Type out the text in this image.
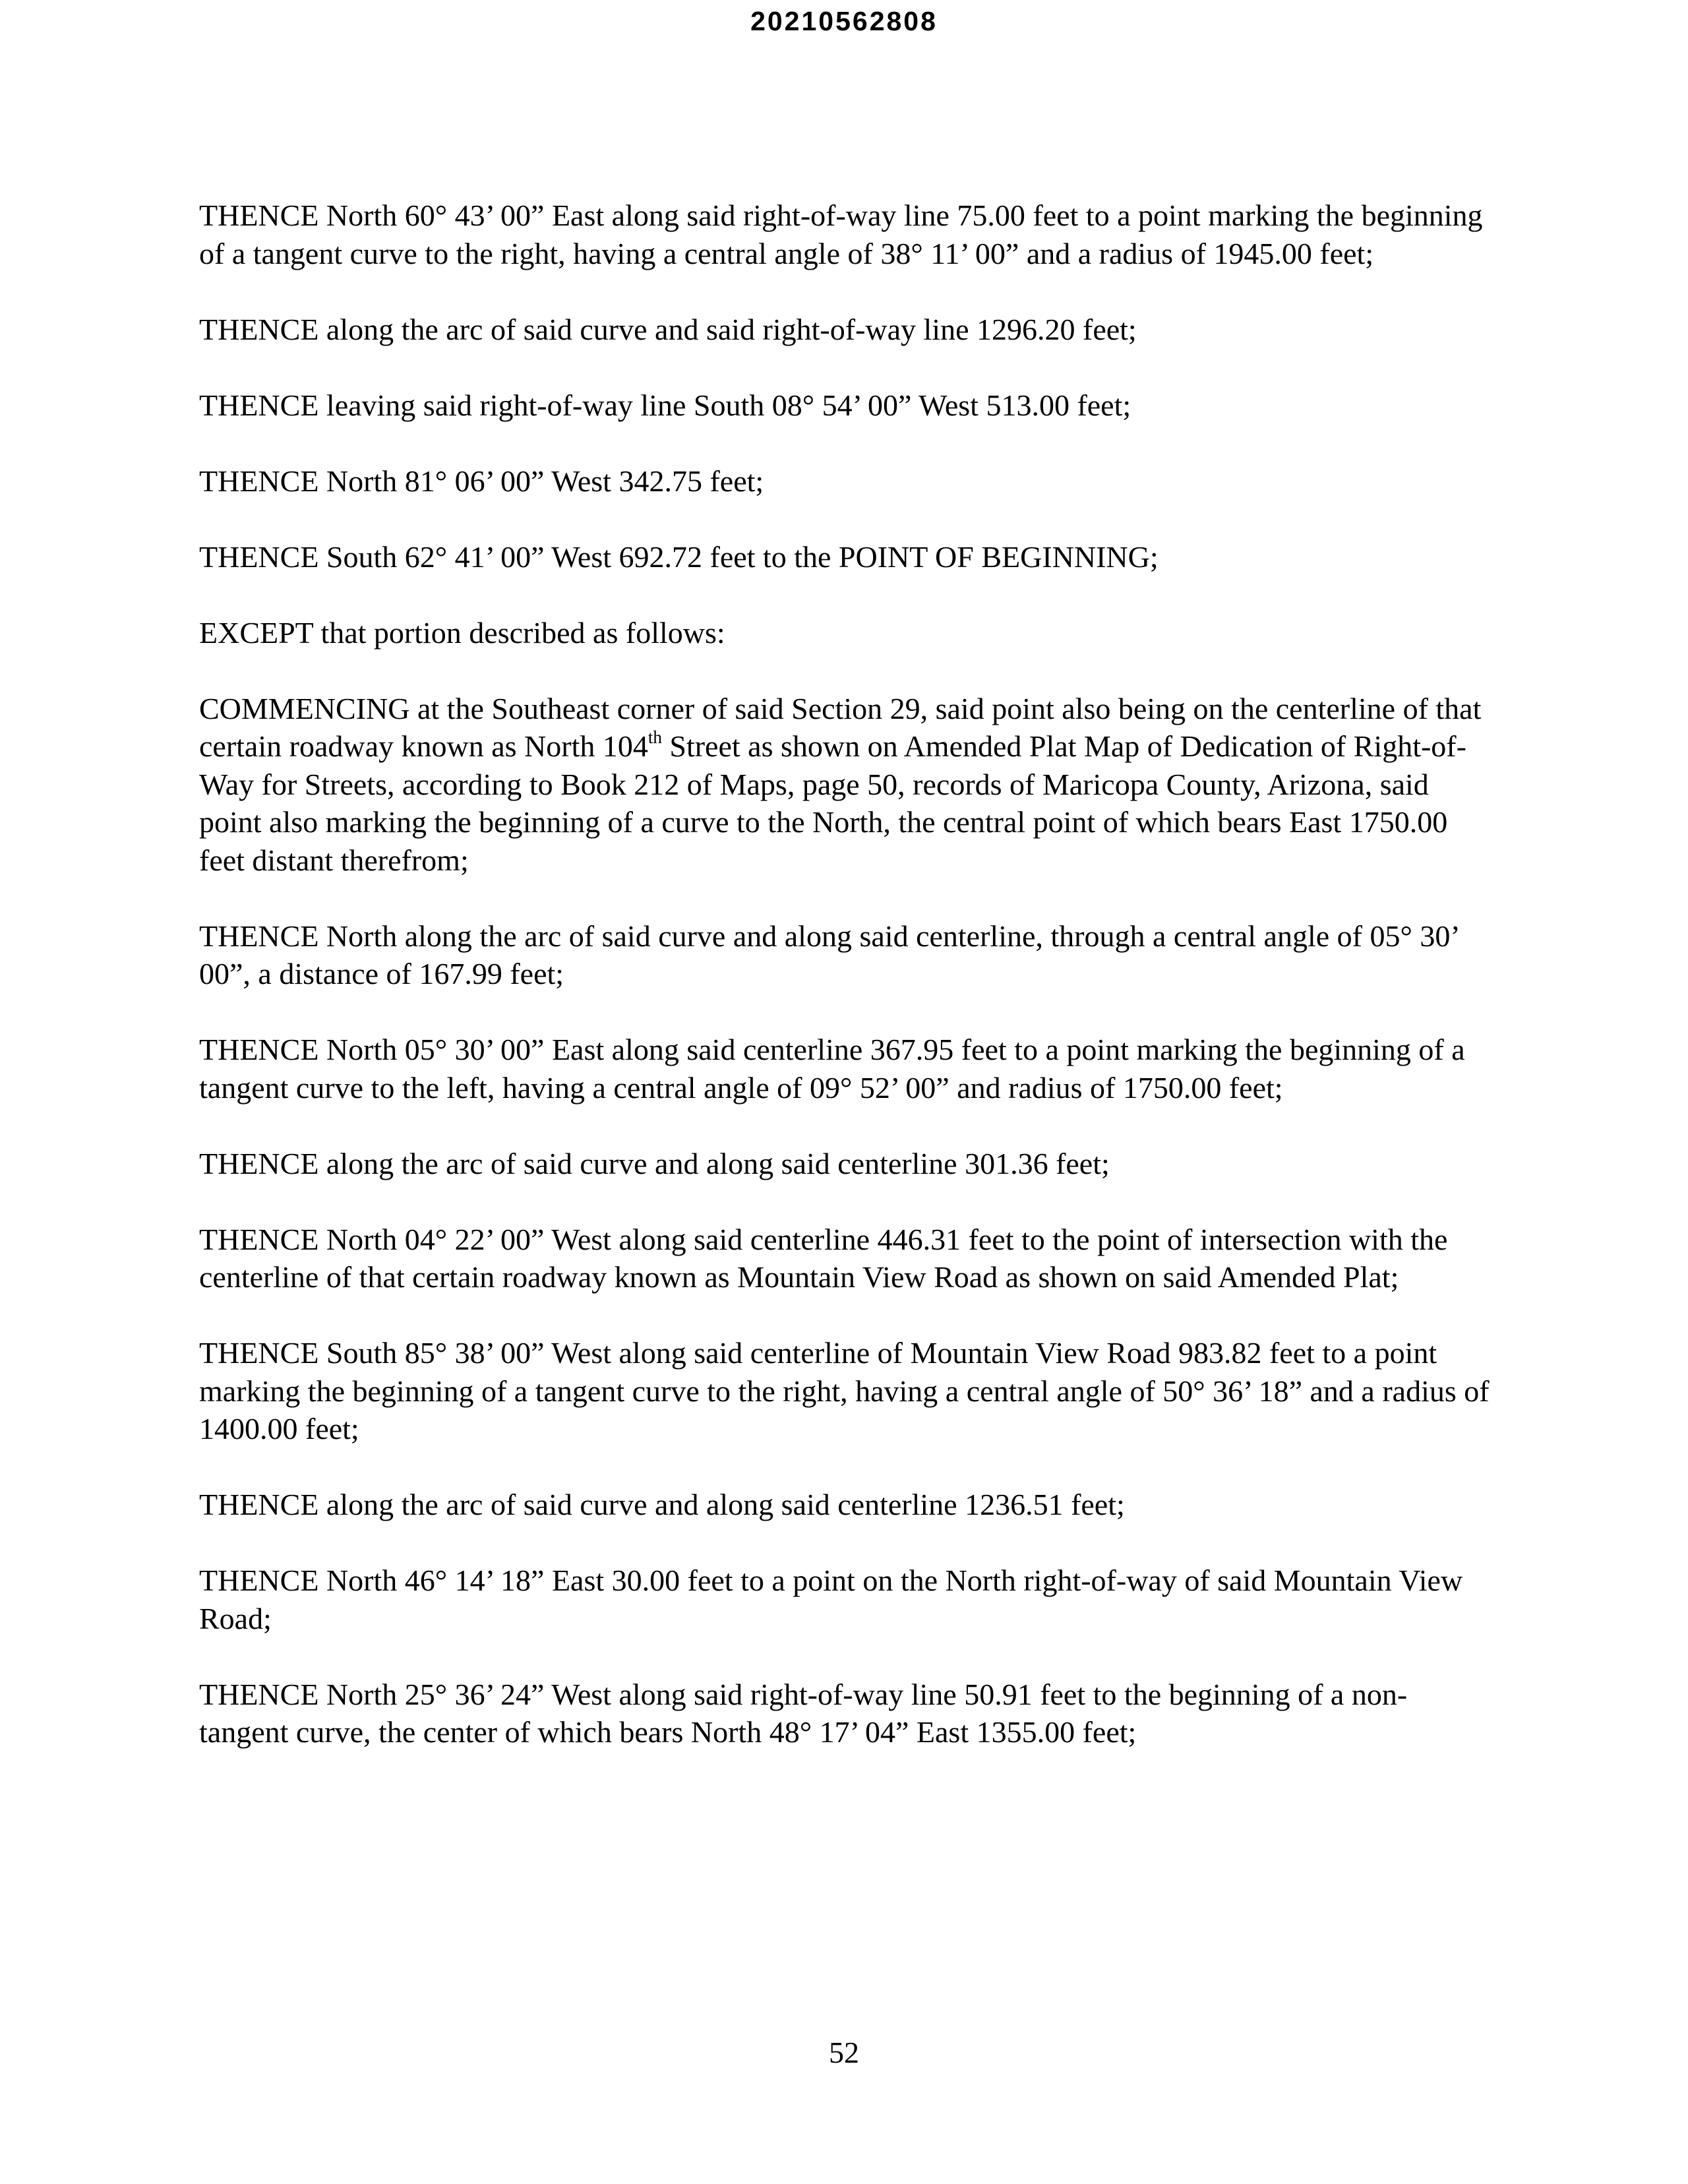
20210562808

THENCE North 60° 43’ 00” East along said right-of-way line 75.00 feet to a point marking the beginning of a tangent curve to the right, having a central angle of 38° 11’ 00” and a radius of 1945.00 feet;

THENCE along the arc of said curve and said right-of-way line 1296.20 feet;

THENCE leaving said right-of-way line South 08° 54’ 00” West 513.00 feet;

THENCE North 81° 06’ 00” West 342.75 feet;

THENCE South 62° 41’ 00” West 692.72 feet to the POINT OF BEGINNING;

EXCEPT that portion described as follows:

COMMENCING at the Southeast corner of said Section 29, said point also being on the centerline of that certain roadway known as North 104th Street as shown on Amended Plat Map of Dedication of Right-of-Way for Streets, according to Book 212 of Maps, page 50, records of Maricopa County, Arizona, said point also marking the beginning of a curve to the North, the central point of which bears East 1750.00 feet distant therefrom;

THENCE North along the arc of said curve and along said centerline, through a central angle of 05° 30’ 00”, a distance of 167.99 feet;

THENCE North 05° 30’ 00” East along said centerline 367.95 feet to a point marking the beginning of a tangent curve to the left, having a central angle of 09° 52’ 00” and radius of 1750.00 feet;

THENCE along the arc of said curve and along said centerline 301.36 feet;

THENCE North 04° 22’ 00” West along said centerline 446.31 feet to the point of intersection with the centerline of that certain roadway known as Mountain View Road as shown on said Amended Plat;

THENCE South 85° 38’ 00” West along said centerline of Mountain View Road 983.82 feet to a point marking the beginning of a tangent curve to the right, having a central angle of 50° 36’ 18” and a radius of 1400.00 feet;

THENCE along the arc of said curve and along said centerline 1236.51 feet;

THENCE North 46° 14’ 18” East 30.00 feet to a point on the North right-of-way of said Mountain View Road;

THENCE North 25° 36’ 24” West along said right-of-way line 50.91 feet to the beginning of a non-tangent curve, the center of which bears North 48° 17’ 04” East 1355.00 feet;

52
